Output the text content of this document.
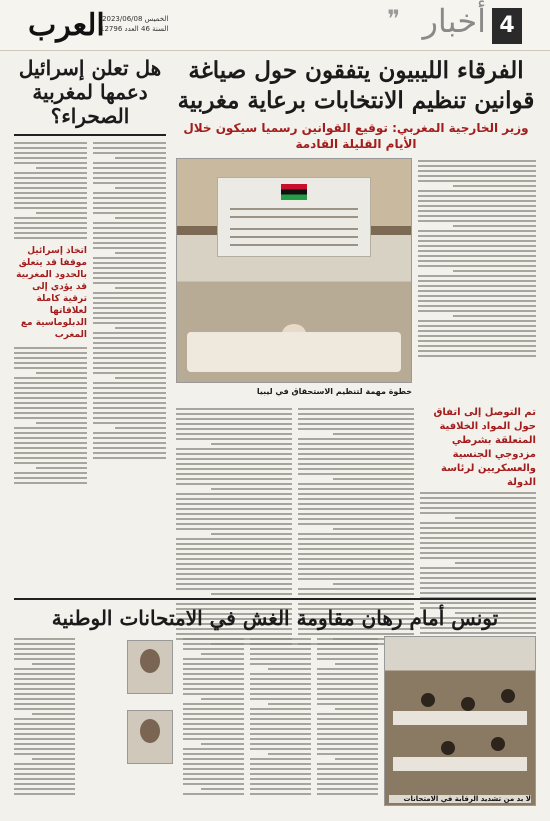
4
أخبار
❞
العرب
الخميس 2023/06/08
السنة 46 العدد 12796
هل تعلن إسرائيل دعمها لمغربية الصحراء؟
اتخاذ إسرائيل موقفا قد يتعلق بالحدود المغربية قد يؤدي إلى ترقية كاملة لعلاقاتها الدبلوماسية مع المغرب
الفرقاء الليبيون يتفقون حول صياغة قوانين تنظيم الانتخابات برعاية مغربية
وزير الخارجية المغربي: توقيع القوانين رسميا سيكون خلال الأيام القليلة القادمة
خطوة مهمة لتنظيم الاستحقاق في ليبيا
تم التوصل إلى اتفاق حول المواد الخلافية المتعلقة بشرطي مزدوجي الجنسية والعسكريين لرئاسة الدولة
تونس أمام رهان مقاومة الغش في الامتحانات الوطنية
لا بد من تشديد الرقابة في الامتحانات
